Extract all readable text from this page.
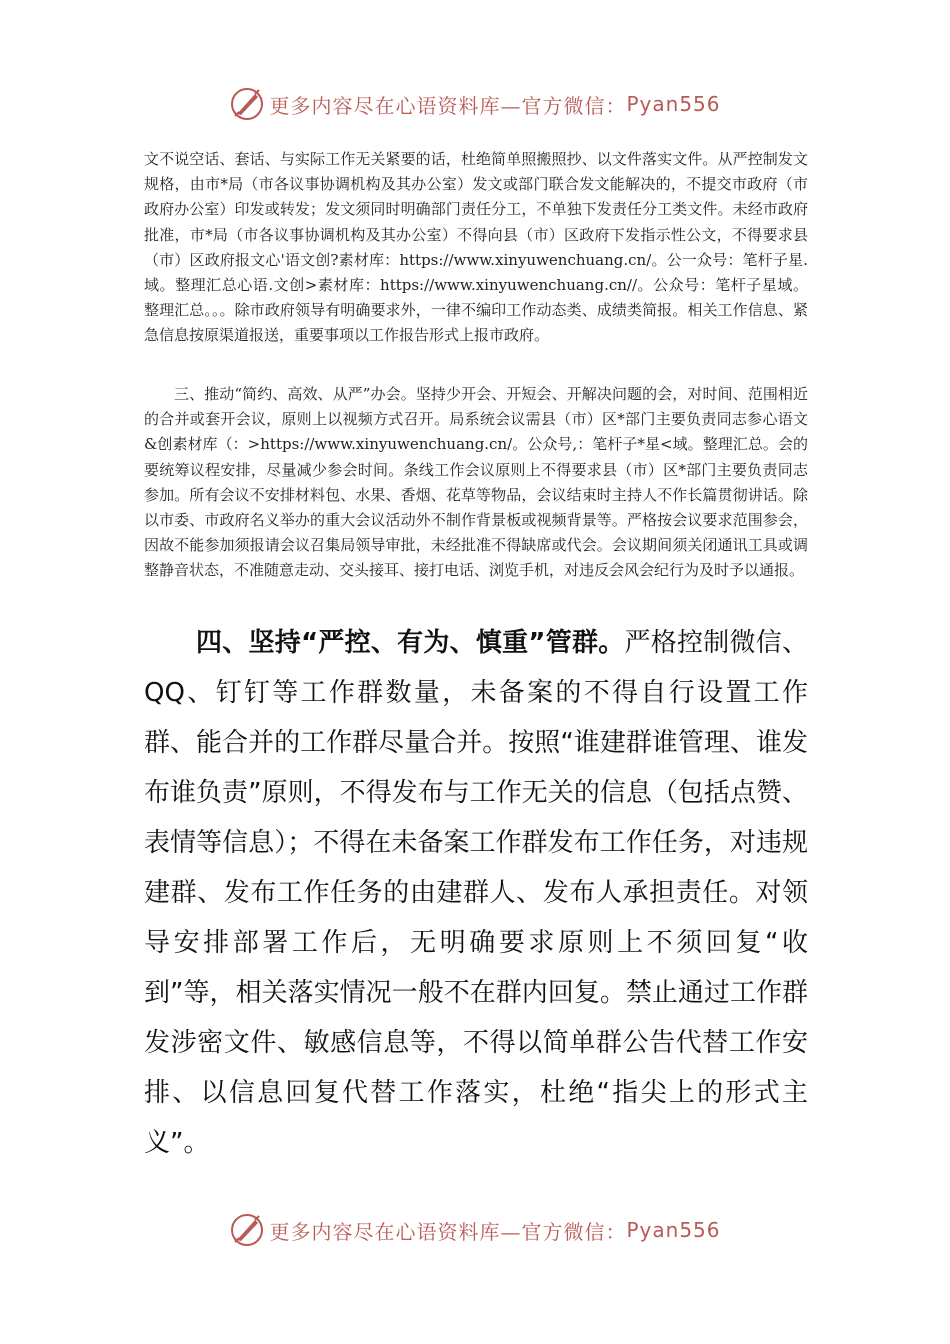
更多内容尽在心语资料库—官方微信： Pyan556
文不说空话、套话、与实际工作无关紧要的话，杜绝简单照搬照抄、以文件落实文件。从严控制发文规格，由市*局（市各议事协调机构及其办公室）发文或部门联合发文能解决的，不提交市政府（市政府办公室）印发或转发；发文须同时明确部门责任分工，不单独下发责任分工类文件。未经市政府批准，市*局（市各议事协调机构及其办公室）不得向县（市）区政府下发指示性公文，不得要求县（市）区政府报文心'语文创?素材库：https://www.xinyuwenchuang.cn/。公一众号：笔杆子星.域。整理汇总心语.文创>素材库：https://www.xinyuwenchuang.cn//。公众号：笔杆子星域。整理汇总。。。除市政府领导有明确要求外，一律不编印工作动态类、成绩类简报。相关工作信息、紧急信息按原渠道报送，重要事项以工作报告形式上报市政府。
三、推动“简约、高效、从严”办会。坚持少开会、开短会、开解决问题的会，对时间、范围相近的合并或套开会议，原则上以视频方式召开。局系统会议需县（市）区*部门主要负责同志参心语文&创素材库（：>https://www.xinyuwenchuang.cn/。公众号,：笔杆子*星<域。整理汇总。会的要统筹议程安排，尽量减少参会时间。条线工作会议原则上不得要求县（市）区*部门主要负责同志参加。所有会议不安排材料包、水果、香烟、花草等物品，会议结束时主持人不作长篇贯彻讲话。除以市委、市政府名义举办的重大会议活动外不制作背景板或视频背景等。严格按会议要求范围参会，因故不能参加须报请会议召集局领导审批，未经批准不得缺席或代会。会议期间须关闭通讯工具或调整静音状态，不准随意走动、交头接耳、接打电话、浏览手机，对违反会风会纪行为及时予以通报。
四、坚持“严控、有为、慎重”管群。严格控制微信、QQ、钉钉等工作群数量，未备案的不得自行设置工作群、能合并的工作群尽量合并。按照“谁建群谁管理、谁发布谁负责”原则，不得发布与工作无关的信息（包括点赞、表情等信息）；不得在未备案工作群发布工作任务，对违规建群、发布工作任务的由建群人、发布人承担责任。对领导安排部署工作后，无明确要求原则上不须回复“收到”等，相关落实情况一般不在群内回复。禁止通过工作群发涉密文件、敏感信息等，不得以简单群公告代替工作安排、以信息回复代替工作落实，杜绝“指尖上的形式主义”。
更多内容尽在心语资料库—官方微信： Pyan556
